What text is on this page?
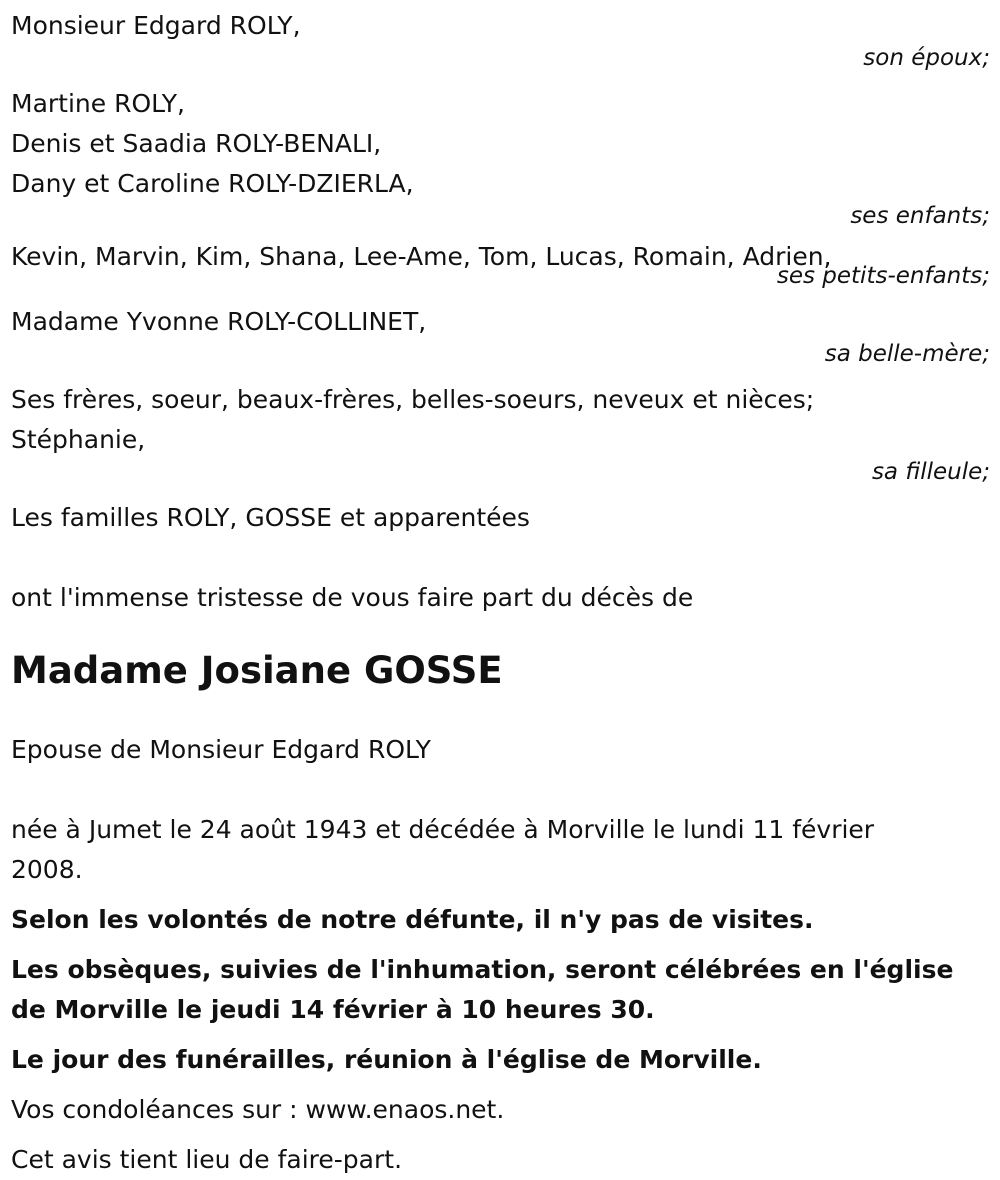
Monsieur Edgard ROLY,
son époux;
Martine ROLY,
Denis et Saadia ROLY-BENALI,
Dany et Caroline ROLY-DZIERLA,
ses enfants;
Kevin, Marvin, Kim, Shana, Lee-Ame, Tom, Lucas, Romain, Adrien,
ses petits-enfants;
Madame Yvonne ROLY-COLLINET,
sa belle-mère;
Ses frères, soeur, beaux-frères, belles-soeurs, neveux et nièces;
Stéphanie,
sa filleule;
Les familles ROLY, GOSSE et apparentées
ont l'immense tristesse de vous faire part du décès de
Madame Josiane GOSSE
Epouse de Monsieur Edgard ROLY
née à Jumet le 24 août 1943 et décédée à Morville le lundi 11 février 2008.
Selon les volontés de notre défunte, il n'y pas de visites.
Les obsèques, suivies de l'inhumation, seront célébrées en l'église de Morville le jeudi 14 février à 10 heures 30.
Le jour des funérailles, réunion à l'église de Morville.
Vos condoléances sur : www.enaos.net.
Cet avis tient lieu de faire-part.
